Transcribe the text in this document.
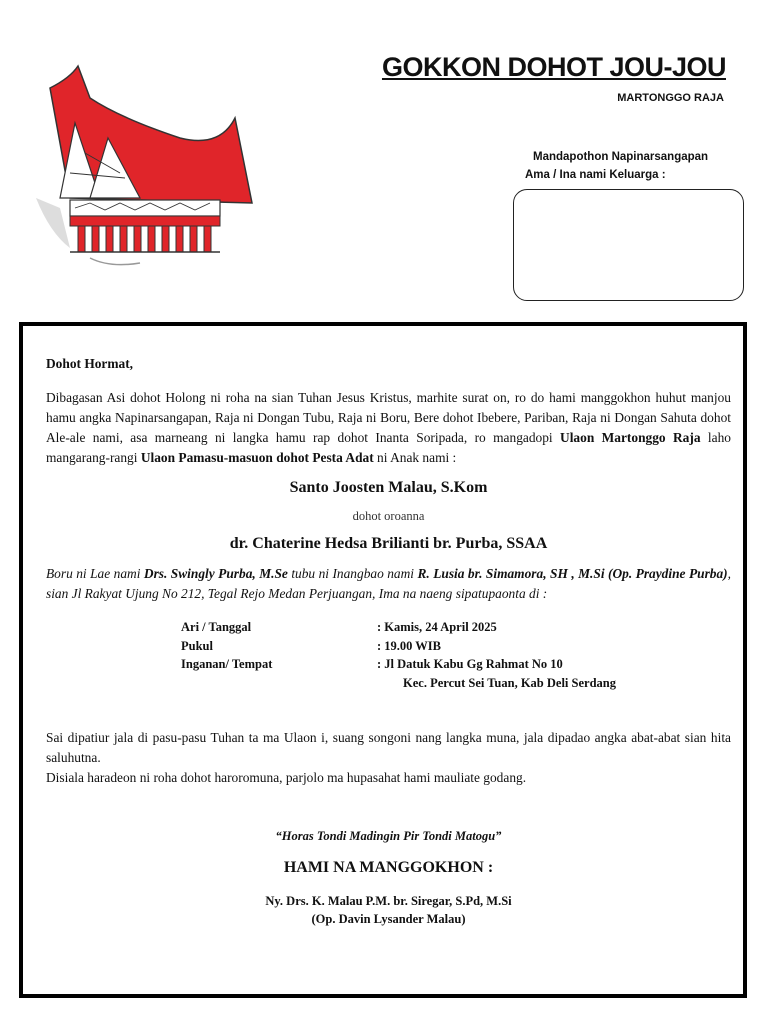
GOKKON DOHOT JOU-JOU
MARTONGGO RAJA
Mandapothon Napinarsangapan
Ama / Ina nami Keluarga :
Dohot Hormat,

Dibagasan Asi dohot Holong ni roha na sian Tuhan Jesus Kristus, marhite surat on, ro do hami manggokhon huhut manjou hamu angka Napinarsangapan, Raja ni Dongan Tubu, Raja ni Boru, Bere dohot Ibebere, Pariban, Raja ni Dongan Sahuta dohot Ale-ale nami, asa marneang ni langka hamu rap dohot Inanta Soripada, ro mangadopi Ulaon Martonggo Raja laho mangarang-rangi Ulaon Pamasu-masuon dohot Pesta Adat ni Anak nami :

Santo Joosten Malau, S.Kom
dohot oroanna
dr. Chaterine Hedsa Brilianti br. Purba, SSAA

Boru ni Lae nami Drs. Swingly Purba, M.Se tubu ni Inangbao nami R. Lusia br. Simamora, SH , M.Si (Op. Praydine Purba), sian Jl Rakyat Ujung No 212, Tegal Rejo Medan Perjuangan, Ima na naeng sipatupaonta di :

Ari / Tanggal	: Kamis, 24 April 2025
Pukul	: 19.00 WIB
Inganan/ Tempat	: Jl Datuk Kabu Gg Rahmat No 10
Kec. Percut Sei Tuan, Kab Deli Serdang

Sai dipatiur jala di pasu-pasu Tuhan ta ma Ulaon i, suang songoni nang langka muna, jala dipadao angka abat-abat sian hita saluhutna.

Disiala haradeon ni roha dohot haroromuna, parjolo ma hupasahat hami mauliate godang.

“Horas Tondi Madingin Pir Tondi Matogu”
HAMI NA MANGGOKHON :
Ny. Drs. K. Malau P.M. br. Siregar, S.Pd, M.Si
(Op. Davin Lysander Malau)
